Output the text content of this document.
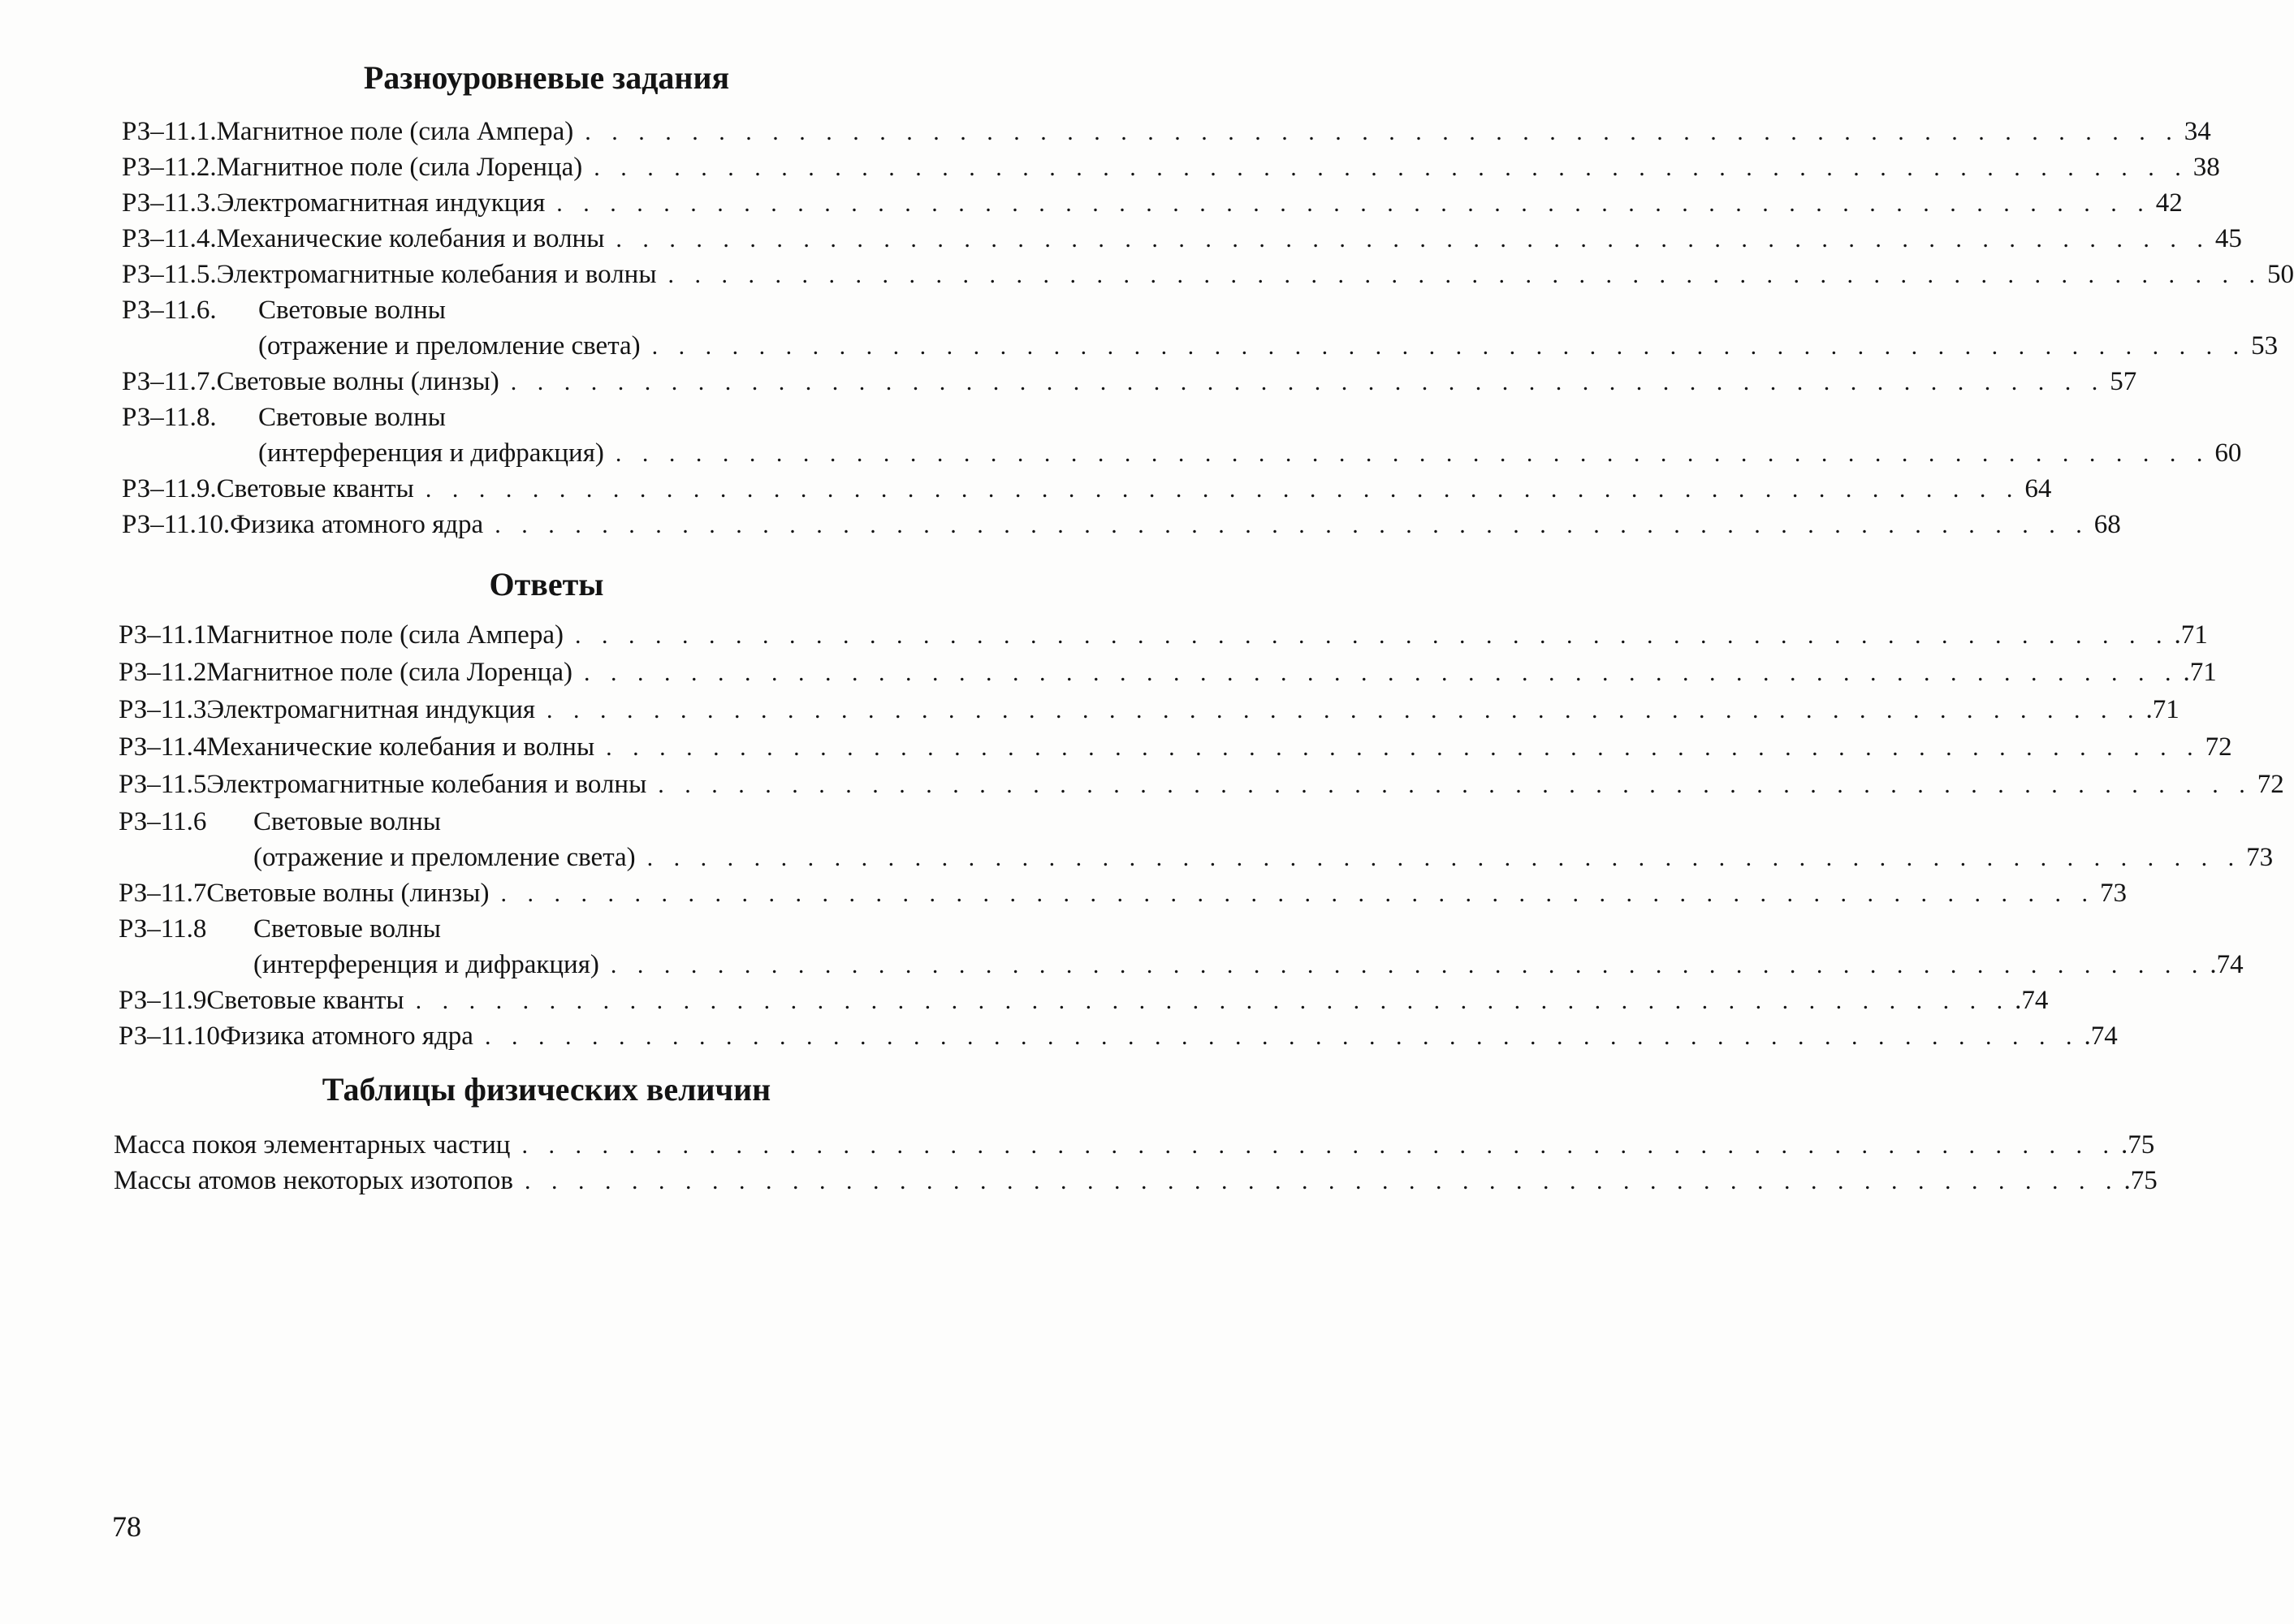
Разноуровневые задания
РЗ–11.1. Магнитное поле (сила Ампера) . . . . . . . . . . . . . . . . . . . . . . . . . . . . . . . . . . . . . . . . . . . . . . . . . . . . . . . . . . . . 34
РЗ–11.2. Магнитное поле (сила Лоренца) . . . . . . . . . . . . . . . . . . . . . . . . . . . . . . . . . . . . . . . . . . . . . . . . . . . . . . . . . . . . 38
РЗ–11.3. Электромагнитная индукция . . . . . . . . . . . . . . . . . . . . . . . . . . . . . . . . . . . . . . . . . . . . . . . . . . . . . . . . . . . . 42
РЗ–11.4. Механические колебания и волны . . . . . . . . . . . . . . . . . . . . . . . . . . . . . . . . . . . . . . . . . . . . . . . . . . . . . . . . . . . . 45
РЗ–11.5. Электромагнитные колебания и волны . . . . . . . . . . . . . . . . . . . . . . . . . . . . . . . . . . . . . . . . . . . . . . . . . . . . . . . . . . . . 50
РЗ–11.6.	Световые волны
(отражение и преломление света) . . . . . . . . . . . . . . . . . . . . . . . . . . . . . . . . . . . . . . . . . . . . . . . . . . . . . . . . . . . . 53
РЗ–11.7. Световые волны (линзы) . . . . . . . . . . . . . . . . . . . . . . . . . . . . . . . . . . . . . . . . . . . . . . . . . . . . . . . . . . . . 57
РЗ–11.8.	Световые волны
(интерференция и дифракция) . . . . . . . . . . . . . . . . . . . . . . . . . . . . . . . . . . . . . . . . . . . . . . . . . . . . . . . . . . . . 60
РЗ–11.9. Световые кванты . . . . . . . . . . . . . . . . . . . . . . . . . . . . . . . . . . . . . . . . . . . . . . . . . . . . . . . . . . . . 64
РЗ–11.10. Физика атомного ядра . . . . . . . . . . . . . . . . . . . . . . . . . . . . . . . . . . . . . . . . . . . . . . . . . . . . . . . . . . . . 68
Ответы
РЗ–11.1 Магнитное поле (сила Ампера) . . . . . . . . . . . . . . . . . . . . . . . . . . . . . . . . . . . . . . . . . . . . . . . . . . . . . . . . . . . . .71
РЗ–11.2 Магнитное поле (сила Лоренца) . . . . . . . . . . . . . . . . . . . . . . . . . . . . . . . . . . . . . . . . . . . . . . . . . . . . . . . . . . . . .71
РЗ–11.3 Электромагнитная индукция . . . . . . . . . . . . . . . . . . . . . . . . . . . . . . . . . . . . . . . . . . . . . . . . . . . . . . . . . . . . .71
РЗ–11.4 Механические колебания и волны . . . . . . . . . . . . . . . . . . . . . . . . . . . . . . . . . . . . . . . . . . . . . . . . . . . . . . . . . . . . 72
РЗ–11.5 Электромагнитные колебания и волны . . . . . . . . . . . . . . . . . . . . . . . . . . . . . . . . . . . . . . . . . . . . . . . . . . . . . . . . . . . . 72
РЗ–11.6	Световые волны
(отражение и преломление света) . . . . . . . . . . . . . . . . . . . . . . . . . . . . . . . . . . . . . . . . . . . . . . . . . . . . . . . . . . . . 73
РЗ–11.7 Световые волны (линзы) . . . . . . . . . . . . . . . . . . . . . . . . . . . . . . . . . . . . . . . . . . . . . . . . . . . . . . . . . . . . 73
РЗ–11.8	Световые волны
(интерференция и дифракция) . . . . . . . . . . . . . . . . . . . . . . . . . . . . . . . . . . . . . . . . . . . . . . . . . . . . . . . . . . . . .74
РЗ–11.9 Световые кванты . . . . . . . . . . . . . . . . . . . . . . . . . . . . . . . . . . . . . . . . . . . . . . . . . . . . . . . . . . . . .74
РЗ–11.10 Физика атомного ядра . . . . . . . . . . . . . . . . . . . . . . . . . . . . . . . . . . . . . . . . . . . . . . . . . . . . . . . . . . . . .74
Таблицы физических величин
Масса покоя элементарных частиц . . . . . . . . . . . . . . . . . . . . . . . . . . . . . . . . . . . . . . . . . . . . . . . . . . . . . . . . . . . . .75
Массы атомов некоторых изотопов . . . . . . . . . . . . . . . . . . . . . . . . . . . . . . . . . . . . . . . . . . . . . . . . . . . . . . . . . . . . .75
78
